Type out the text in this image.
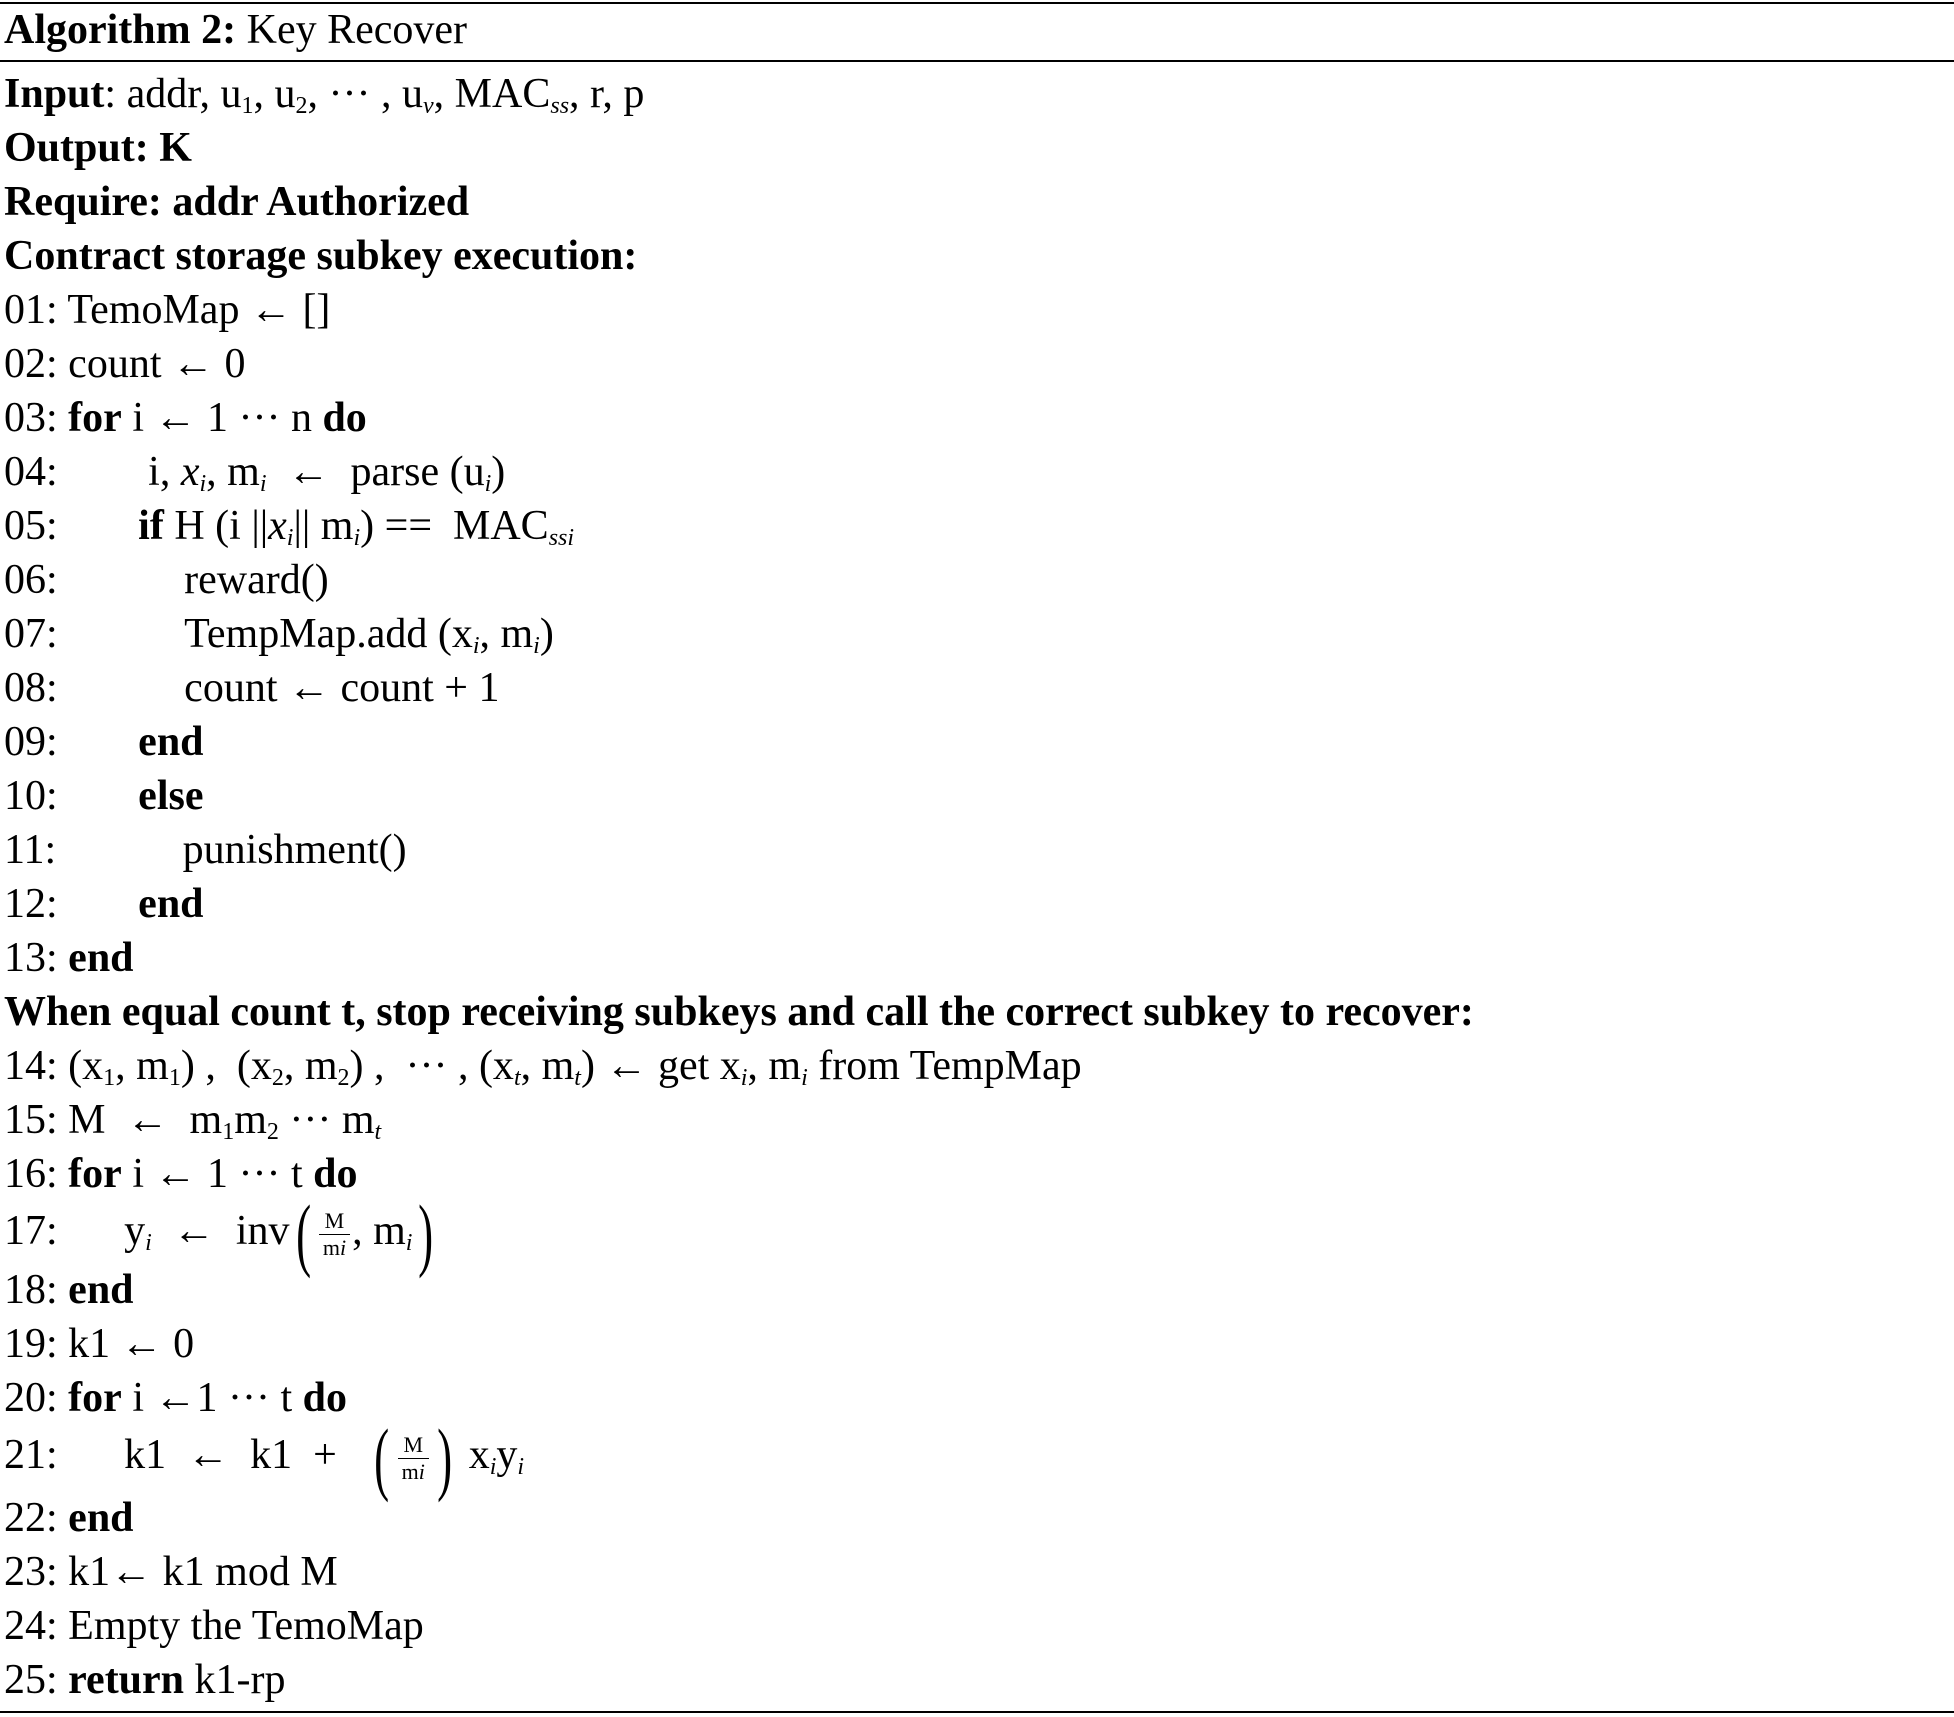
Algorithm 2: Key Recover
Input: addr, $u_1$, $u_2$, ··· , $u_v$, $MAC_{ss}$, r, p
Output: K
Require: addr Authorized
Contract storage subkey execution:
01: TemoMap ← []
02: count ← 0
03: for i ← 1 ··· n do
04: i, $x_i$, $m_i$  ←  parse $(u_i)$
05: if H (i $||x_i||$ $m_i) == MAC_{ssi}$
06:	reward()
07:	TempMap.add ($x_i$, $m_i$)
08:	count ← count + 1
09: end
10: else
11:	punishment()
12: end
13: end
When equal count t, stop receiving subkeys and call the correct subkey to recover:
14: ($x_1$, $m_1$) ,  ($x_2$, $m_2$) ,  ··· , ($x_t$, $m_t$) ← get $x_i$, $m_i$ from TempMap
15: M  ←  $m_1m_2$ ··· $m_t$
16: for i ← 1 ··· t do
17: $y_i$  ←  $inv( \frac{M}{mi}$ , $m_i$)
18: end
19: k1 ← 0
20: for i ←1 ··· t do
21: k1  ←  k1  +   ( $\frac{M}{mi}$ ) $x_iy_i$
22: end
23: k1← k1 mod M
24: Empty the TemoMap
25: return k1-rp
